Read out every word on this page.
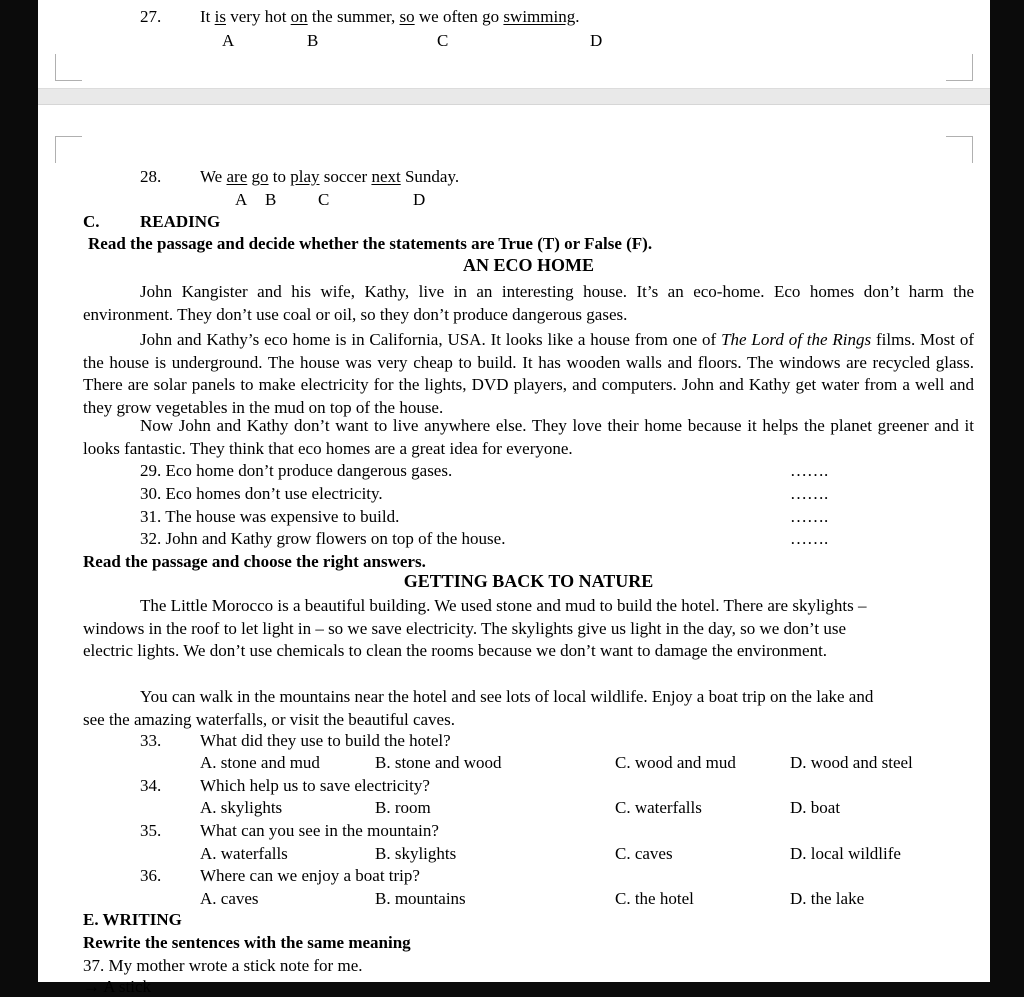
27. It is very hot on the summer, so we often go swimming.
A	B	C	D
28. We are go to play soccer next Sunday.
A B C	D
C. READING
Read the passage and decide whether the statements are True (T) or False (F).
AN ECO HOME
John Kangister and his wife, Kathy, live in an interesting house. It’s an eco-home. Eco homes don’t harm the environment. They don’t use coal or oil, so they don’t produce dangerous gases.
John and Kathy’s eco home is in California, USA. It looks like a house from one of The Lord of the Rings films. Most of the house is underground. The house was very cheap to build. It has wooden walls and floors. The windows are recycled glass. There are solar panels to make electricity for the lights, DVD players, and computers. John and Kathy get water from a well and they grow vegetables in the mud on top of the house.
Now John and Kathy don’t want to live anywhere else. They love their home because it helps the planet greener and it looks fantastic. They think that eco homes are a great idea for everyone.
29. Eco home don’t produce dangerous gases.	…….
30. Eco homes don’t use electricity.	…….
31. The house was expensive to build.	…….
32. John and Kathy grow flowers on top of the house.	…….
Read the passage and choose the right answers.
GETTING BACK TO NATURE
The Little Morocco is a beautiful building. We used stone and mud to build the hotel. There are skylights – windows in the roof to let light in – so we save electricity. The skylights give us light in the day, so we don’t use electric lights. We don’t use chemicals to clean the rooms because we don’t want to damage the environment.
You can walk in the mountains near the hotel and see lots of local wildlife. Enjoy a boat trip on the lake and see the amazing waterfalls, or visit the beautiful caves.
33. What did they use to build the hotel?
A. stone and mud	B. stone and wood	C. wood and mud	D. wood and steel
34. Which help us to save electricity?
A. skylights	B. room	C. waterfalls	D. boat
35. What can you see in the mountain?
A. waterfalls	B. skylights	C. caves	D. local wildlife
36. Where can we enjoy a boat trip?
A. caves	B. mountains	C. the hotel	D. the lake
E. WRITING
Rewrite the sentences with the same meaning
37. My mother wrote a stick note for me.
→ A stick
